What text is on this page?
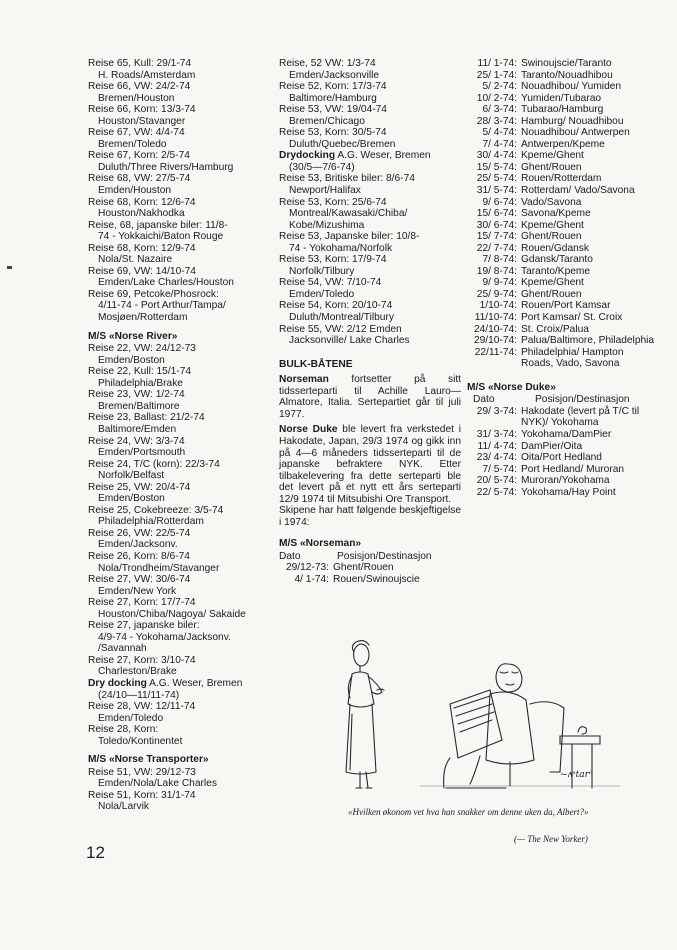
Reise 65, Kull: 29/1-74
H. Roads/Amsterdam
Reise 66, VW: 24/2-74
Bremen/Houston
Reise 66, Korn: 13/3-74
Houston/Stavanger
Reise 67, VW: 4/4-74
Bremen/Toledo
Reise 67, Korn: 2/5-74
Duluth/Three Rivers/Hamburg
Reise 68, VW: 27/5-74
Emden/Houston
Reise 68, Korn: 12/6-74
Houston/Nakhodka
Reise, 68, japanske biler: 11/8-
74 - Yokkaichi/Baton Rouge
Reise 68, Korn: 12/9-74
Nola/St. Nazaire
Reise 69, VW: 14/10-74
Emden/Lake Charles/Houston
Reise 69, Petcoke/Phosrock:
4/11-74 - Port Arthur/Tampa/ Mosjøen/Rotterdam
M/S «Norse River»
Reise 22, VW: 24/12-73
Emden/Boston
Reise 22, Kull: 15/1-74
Philadelphia/Brake
Reise 23, VW: 1/2-74
Bremen/Baltimore
Reise 23, Ballast: 21/2-74
Baltimore/Emden
Reise 24, VW: 3/3-74
Emden/Portsmouth
Reise 24, T/C (korn): 22/3-74
Norfolk/Belfast
Reise 25, VW: 20/4-74
Emden/Boston
Reise 25, Cokebreeze: 3/5-74
Philadelphia/Rotterdam
Reise 26, VW: 22/5-74
Emden/Jacksonv.
Reise 26, Korn: 8/6-74
Nola/Trondheim/Stavanger
Reise 27, VW: 30/6-74
Emden/New York
Reise 27, Korn: 17/7-74
Houston/Chiba/Nagoya/ Sakaide
Reise 27, japanske biler:
4/9-74 - Yokohama/Jacksonv. /Savannah
Reise 27, Korn: 3/10-74
Charleston/Brake
Dry docking A.G. Weser, Bremen
(24/10—11/11-74)
Reise 28, VW: 12/11-74
Emden/Toledo
Reise 28, Korn:
Toledo/Kontinentet
M/S «Norse Transporter»
Reise 51, VW: 29/12-73
Emden/Nola/Lake Charles
Reise 51, Korn: 31/1-74
Nola/Larvik
Reise, 52 VW: 1/3-74
Emden/Jacksonville
Reise 52, Korn: 17/3-74
Baltimore/Hamburg
Reise 53, VW: 19/04-74
Bremen/Chicago
Reise 53, Korn: 30/5-74
Duluth/Quebec/Bremen
Drydocking A.G. Weser, Bremen
(30/5—7/6-74)
Reise 53, Britiske biler: 8/6-74
Newport/Halifax
Reise 53, Korn: 25/6-74
Montreal/Kawasaki/Chiba/ Kobe/Mizushima
Reise 53, Japanske biler: 10/8-
74 - Yokohama/Norfolk
Reise 53, Korn: 17/9-74
Norfolk/Tilbury
Reise 54, VW: 7/10-74
Emden/Toledo
Reise 54, Korn: 20/10-74
Duluth/Montreal/Tilbury
Reise 55, VW: 2/12 Emden
Jacksonville/ Lake Charles
BULK-BÅTENE
Norseman fortsetter på sitt tidsserteparti til Achille Lauro—Almatore, Italia. Sertepartiet går til juli 1977.
Norse Duke ble levert fra verkstedet i Hakodate, Japan, 29/3 1974 og gikk inn på 4—6 måneders tidsserteparti til de japanske befraktere NYK. Etter tilbakelevering fra dette serteparti ble det levert på et nytt ett års serteparti 12/9 1974 til Mitsubishi Ore Transport.
Skipene har hatt følgende beskjeftigelse i 1974:
M/S «Norseman»
Dato	Posisjon/Destinasjon
29/12-73: Ghent/Rouen
4/ 1-74: Rouen/Swinoujscie
11/ 1-74: Swinoujscie/Taranto
25/ 1-74: Taranto/Nouadhibou
5/ 2-74: Nouadhibou/ Yumiden
10/ 2-74: Yumiden/Tubarao
6/ 3-74: Tubarao/Hamburg
28/ 3-74: Hamburg/ Nouadhibou
5/ 4-74: Nouadhibou/ Antwerpen
7/ 4-74: Antwerpen/Kpeme
30/ 4-74: Kpeme/Ghent
15/ 5-74: Ghent/Rouen
25/ 5-74: Rouen/Rotterdam
31/ 5-74: Rotterdam/ Vado/Savona
9/ 6-74: Vado/Savona
15/ 6-74: Savona/Kpeme
30/ 6-74: Kpeme/Ghent
15/ 7-74: Ghent/Rouen
22/ 7-74: Rouen/Gdansk
7/ 8-74: Gdansk/Taranto
19/ 8-74: Taranto/Kpeme
9/ 9-74: Kpeme/Ghent
25/ 9-74: Ghent/Rouen
1/10-74: Rouen/Port Kamsar
11/10-74: Port Kamsar/ St. Croix
24/10-74: St. Croix/Palua
29/10-74: Palua/Baltimore, Philadelphia
22/11-74: Philadelphia/ Hampton Roads, Vado, Savona
M/S «Norse Duke»
Dato	Posisjon/Destinasjon
29/ 3-74: Hakodate (levert på T/C til NYK)/ Yokohama
31/ 3-74: Yokohama/DamPier
11/ 4-74: DamPier/Oita
23/ 4-74: Oita/Port Hedland
7/ 5-74: Port Hedland/ Muroran
20/ 5-74: Muroran/Yokohama
22/ 5-74: Yokohama/Hay Point
~ʌˢtarᵒ
«Hvilken økonom vet hva han snakker om denne uken da, Albert?»
(— The New Yorker)
12
